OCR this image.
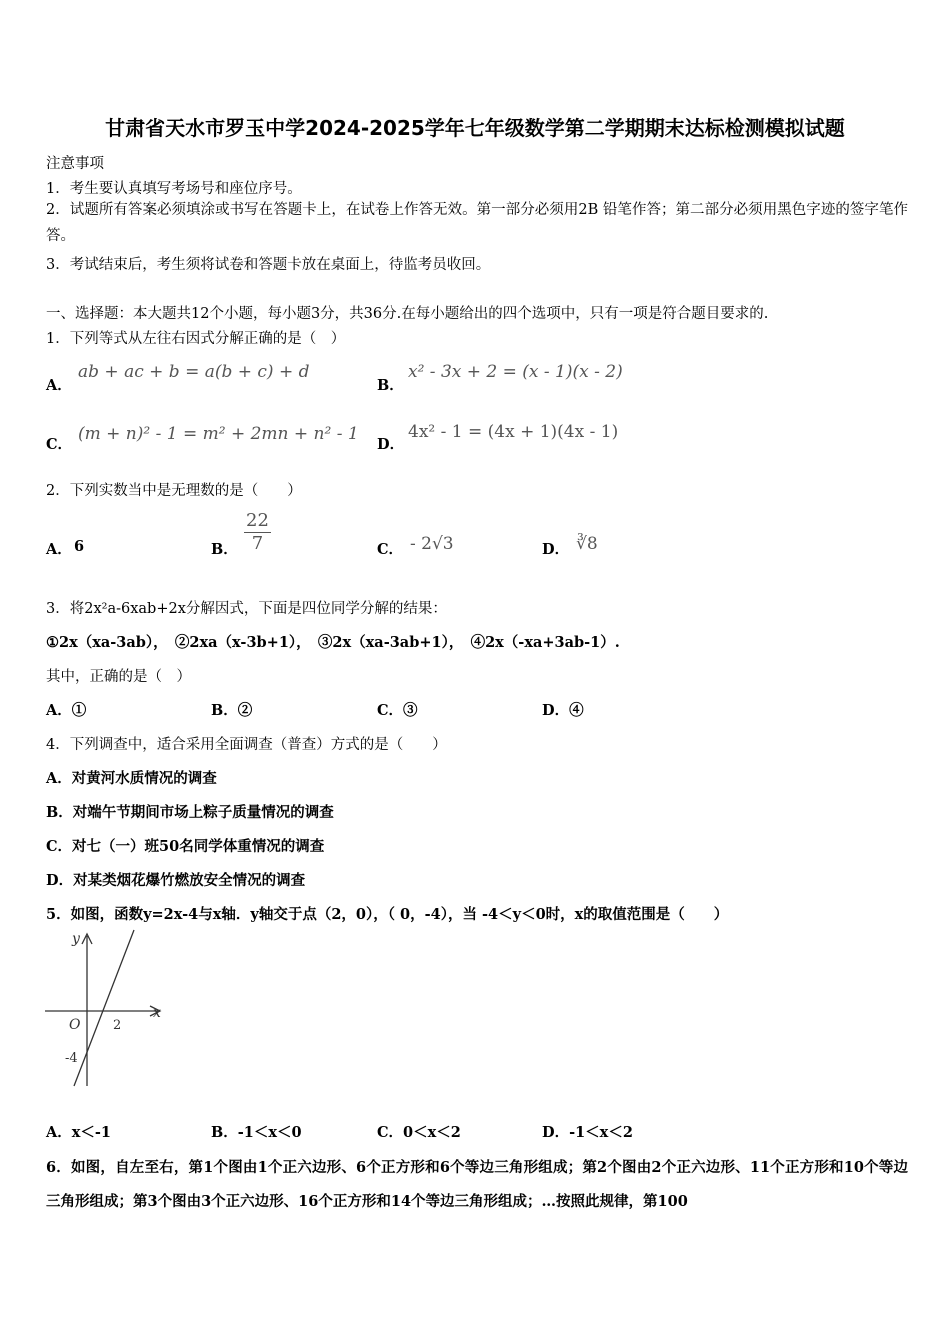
甘肃省天水市罗玉中学2024-2025学年七年级数学第二学期期末达标检测模拟试题
注意事项
1．考生要认真填写考场号和座位序号。
2．试题所有答案必须填涂或书写在答题卡上，在试卷上作答无效。第一部分必须用2B 铅笔作答；第二部分必须用黑色字迹的签字笔作答。
3．考试结束后，考生须将试卷和答题卡放在桌面上，待监考员收回。
一、选择题：本大题共12个小题，每小题3分，共36分.在每小题给出的四个选项中，只有一项是符合题目要求的.
1．下列等式从左往右因式分解正确的是（　）
A．
ab + ac + b = a(b + c) + d
B．
x² - 3x + 2 = (x - 1)(x - 2)
C．
(m + n)² - 1 = m² + 2mn + n² - 1
D．
4x² - 1 = (4x + 1)(4x - 1)
2．下列实数当中是无理数的是（　　）
A． 6	B． $\frac{22}{7}$	C． - 2√3	D． ∛8
3．将2x²a-6xab+2x分解因式，下面是四位同学分解的结果：
①2x（xa-3ab），　②2xa（x-3b+1），　③2x（xa-3ab+1），　④2x（-xa+3ab-1）.
其中，正确的是（　）
A．①	B．②	C．③	D．④
4．下列调查中，适合采用全面调查（普查）方式的是（　　）
A．对黄河水质情况的调查
B．对端午节期间市场上粽子质量情况的调查
C．对七（一）班50名同学体重情况的调查
D．对某类烟花爆竹燃放安全情况的调查
5．如图，函数y=2x-4与x轴．y轴交于点（2，0），（ 0，-4），当 -4＜y＜0时，x的取值范围是（　　）
y
x
O	2
-4
A．x＜-1	B．-1＜x＜0	C．0＜x＜2	D．-1＜x＜2
6．如图，自左至右，第1个图由1个正六边形、6个正方形和6个等边三角形组成；第2个图由2个正六边形、11个正方形和10个等边三角形组成；第3个图由3个正六边形、16个正方形和14个等边三角形组成；…按照此规律，第100
